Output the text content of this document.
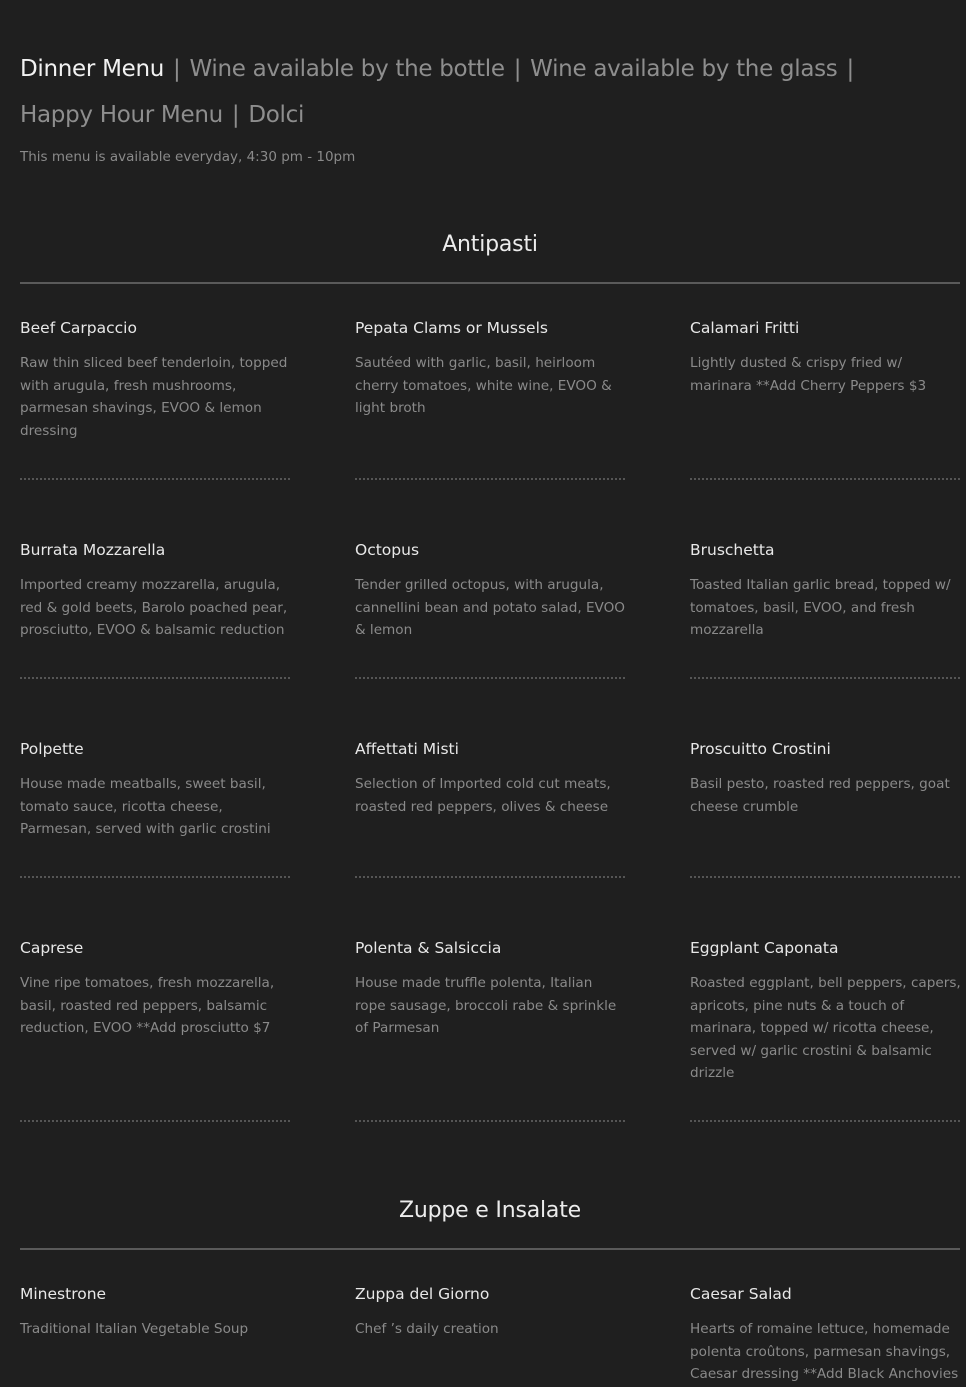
Dinner Menu | Wine available by the bottle | Wine available by the glass |
Happy Hour Menu | Dolci
This menu is available everyday, 4:30 pm - 10pm
Antipasti
Beef Carpaccio
Raw thin sliced beef tenderloin, topped with arugula, fresh mushrooms, parmesan shavings, EVOO & lemon dressing
Pepata Clams or Mussels
Sautéed with garlic, basil, heirloom cherry tomatoes, white wine, EVOO & light broth
Calamari Fritti
Lightly dusted & crispy fried w/ marinara **Add Cherry Peppers $3
Burrata Mozzarella
Imported creamy mozzarella, arugula, red & gold beets, Barolo poached pear, prosciutto, EVOO & balsamic reduction
Octopus
Tender grilled octopus, with arugula, cannellini bean and potato salad, EVOO & lemon
Bruschetta
Toasted Italian garlic bread, topped w/ tomatoes, basil, EVOO, and fresh mozzarella
Polpette
House made meatballs, sweet basil, tomato sauce, ricotta cheese, Parmesan, served with garlic crostini
Affettati Misti
Selection of Imported cold cut meats, roasted red peppers, olives & cheese
Proscuitto Crostini
Basil pesto, roasted red peppers, goat cheese crumble
Caprese
Vine ripe tomatoes, fresh mozzarella, basil, roasted red peppers, balsamic reduction, EVOO **Add prosciutto $7
Polenta & Salsiccia
House made truffle polenta, Italian rope sausage, broccoli rabe & sprinkle of Parmesan
Eggplant Caponata
Roasted eggplant, bell peppers, capers, apricots, pine nuts & a touch of marinara, topped w/ ricotta cheese, served w/ garlic crostini & balsamic drizzle
Zuppe e Insalate
Minestrone
Traditional Italian Vegetable Soup
Zuppa del Giorno
Chef ’s daily creation
Caesar Salad
Hearts of romaine lettuce, homemade polenta croûtons, parmesan shavings, Caesar dressing **Add Black Anchovies
